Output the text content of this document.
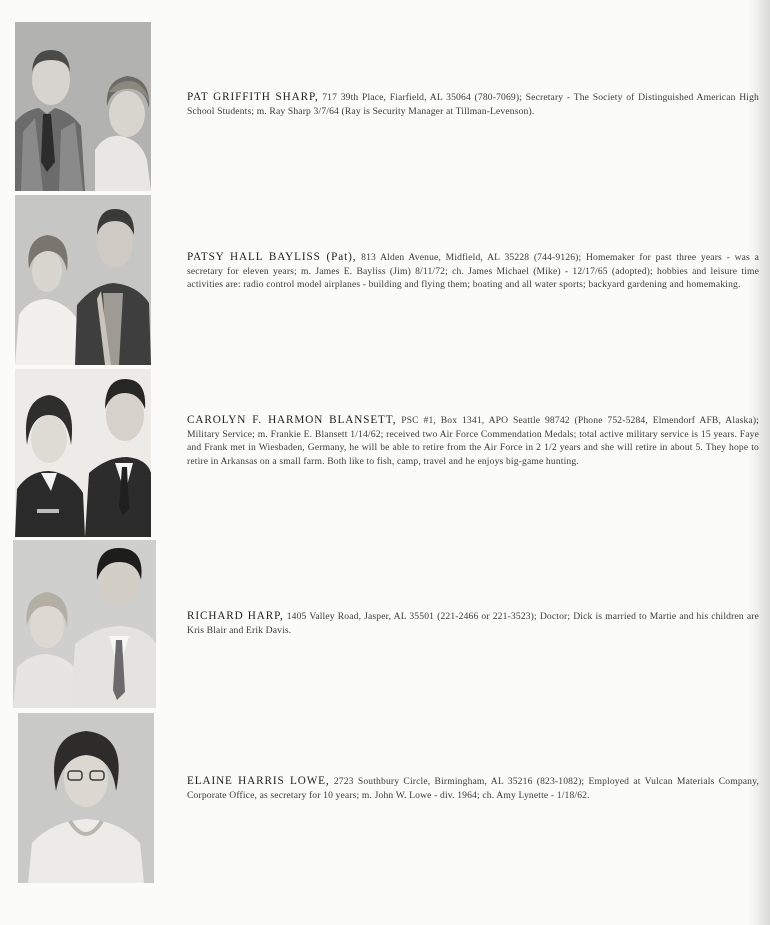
PAT GRIFFITH SHARP, 717 39th Place, Fiarfield, AL 35064 (780-7069); Secretary - The Society of Distinguished American High School Students; m. Ray Sharp 3/7/64 (Ray is Security Manager at Tillman-Levenson).
PATSY HALL BAYLISS (Pat), 813 Alden Avenue, Midfield, AL 35228 (744-9126); Homemaker for past three years - was a secretary for eleven years; m. James E. Bayliss (Jim) 8/11/72; ch. James Michael (Mike) - 12/17/65 (adopted); hobbies and leisure time activities are: radio control model airplanes - building and flying them; boating and all water sports; backyard gardening and homemaking.
CAROLYN F. HARMON BLANSETT, PSC #1, Box 1341, APO Seattle 98742 (Phone 752-5284, Elmendorf AFB, Alaska); Military Service; m. Frankie E. Blansett 1/14/62; received two Air Force Commendation Medals; total active military service is 15 years. Faye and Frank met in Wiesbaden, Germany, he will be able to retire from the Air Force in 2 1/2 years and she will retire in about 5. They hope to retire in Arkansas on a small farm. Both like to fish, camp, travel and he enjoys big-game hunting.
RICHARD HARP, 1405 Valley Road, Jasper, AL 35501 (221-2466 or 221-3523); Doctor; Dick is married to Martie and his children are Kris Blair and Erik Davis.
ELAINE HARRIS LOWE, 2723 Southbury Circle, Birmingham, AL 35216 (823-1082); Employed at Vulcan Materials Company, Corporate Office, as secretary for 10 years; m. John W. Lowe - div. 1964; ch. Amy Lynette - 1/18/62.
